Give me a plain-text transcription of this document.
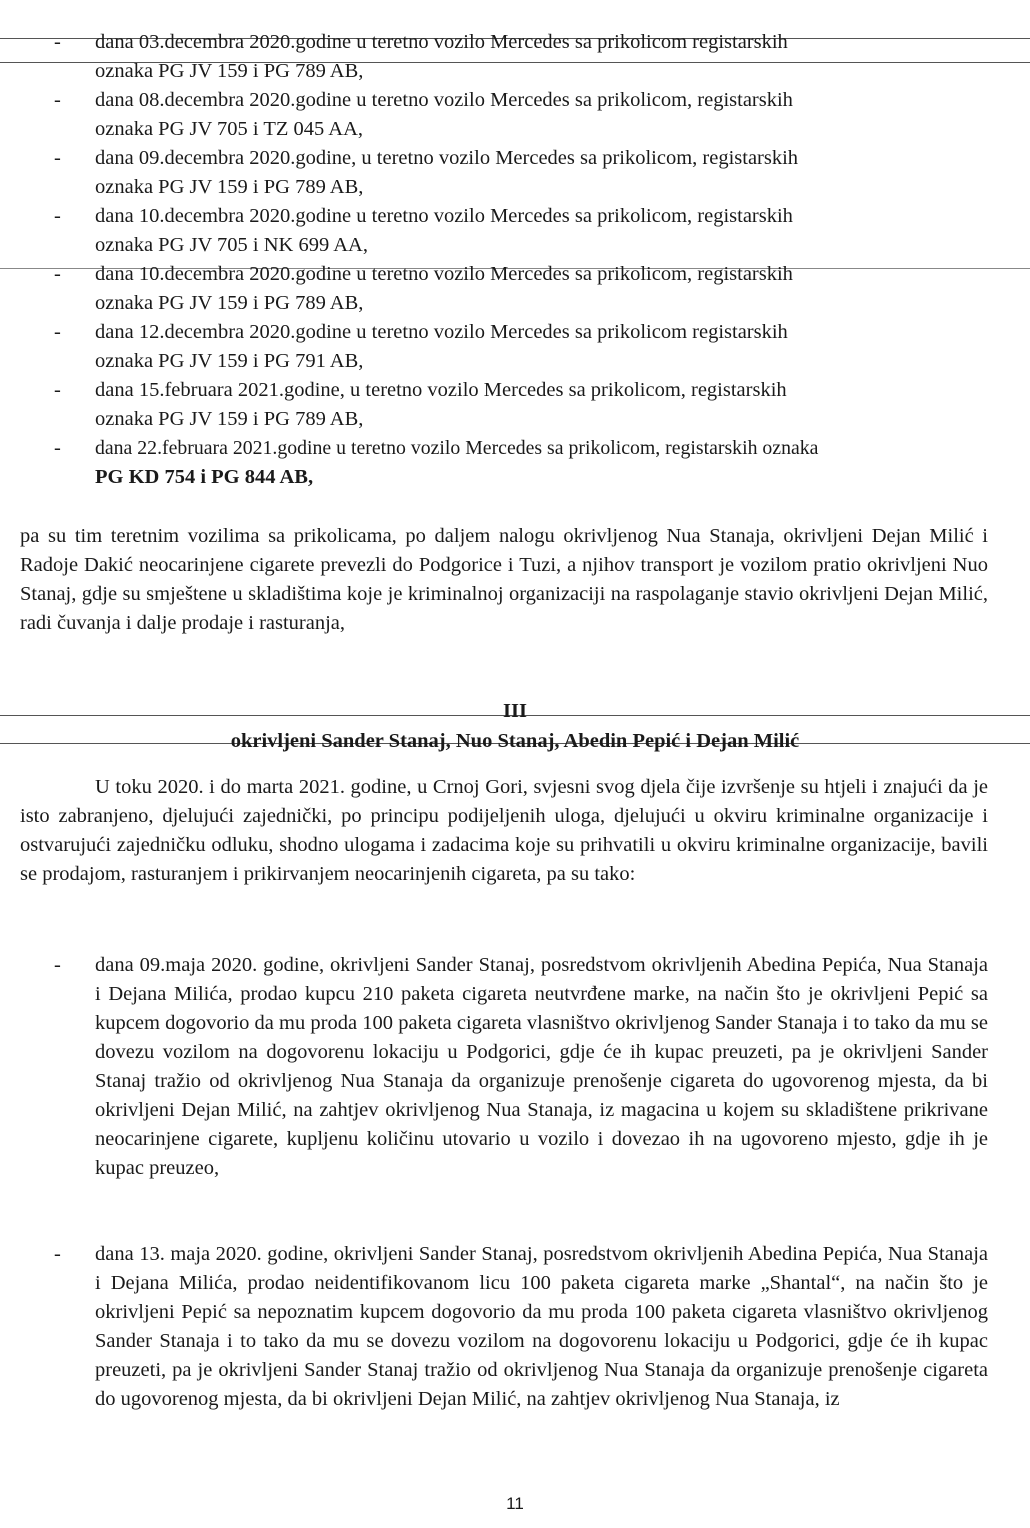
- dana 03.decembra 2020.godine u teretno vozilo Mercedes sa prikolicom registarskih
oznaka PG JV 159 i PG 789 AB,
- dana 08.decembra 2020.godine u teretno vozilo Mercedes sa prikolicom, registarskih
oznaka PG JV 705 i TZ 045 AA,
- dana 09.decembra 2020.godine, u teretno vozilo Mercedes sa prikolicom, registarskih
oznaka PG JV 159 i PG 789 AB,
- dana 10.decembra 2020.godine u teretno vozilo Mercedes sa prikolicom, registarskih
oznaka PG JV 705 i NK 699 AA,
- dana 10.decembra 2020.godine u teretno vozilo Mercedes sa prikolicom, registarskih
oznaka PG JV 159 i PG 789 AB,
- dana 12.decembra 2020.godine u teretno vozilo Mercedes sa prikolicom registarskih
oznaka PG JV 159 i PG 791 AB,
- dana 15.februara 2021.godine, u teretno vozilo Mercedes sa prikolicom, registarskih
oznaka PG JV 159 i PG 789 AB,
- dana 22.februara 2021.godine u teretno vozilo Mercedes sa prikolicom, registarskih oznaka
PG KD 754 i PG 844 AB,
pa su tim teretnim vozilima sa prikolicama, po daljem nalogu okrivljenog Nua Stanaja, okrivljeni Dejan Milić i Radoje Dakić neocarinjene cigarete prevezli do Podgorice i Tuzi, a njihov transport je vozilom pratio okrivljeni Nuo Stanaj, gdje su smještene u skladištima koje je kriminalnoj organizaciji na raspolaganje stavio okrivljeni Dejan Milić, radi čuvanja i dalje prodaje i rasturanja,
III
okrivljeni Sander Stanaj, Nuo Stanaj, Abedin Pepić i Dejan Milić
U toku 2020. i do marta 2021. godine, u Crnoj Gori, svjesni svog djela čije izvršenje su htjeli i znajući da je isto zabranjeno, djelujući zajednički, po principu podijeljenih uloga, djelujući u okviru kriminalne organizacije i ostvarujući zajedničku odluku, shodno ulogama i zadacima koje su prihvatili u okviru kriminalne organizacije, bavili se prodajom, rasturanjem i prikirvanjem neocarinjenih cigareta, pa su tako:
- dana 09.maja 2020. godine, okrivljeni Sander Stanaj, posredstvom okrivljenih Abedina Pepića, Nua Stanaja i Dejana Milića, prodao kupcu 210 paketa cigareta neutvrđene marke, na način što je okrivljeni Pepić sa kupcem dogovorio da mu proda 100 paketa cigareta vlasništvo okrivljenog Sander Stanaja i to tako da mu se dovezu vozilom na dogovorenu lokaciju u Podgorici, gdje će ih kupac preuzeti, pa je okrivljeni Sander Stanaj tražio od okrivljenog Nua Stanaja da organizuje prenošenje cigareta do ugovorenog mjesta, da bi okrivljeni Dejan Milić, na zahtjev okrivljenog Nua Stanaja, iz magacina u kojem su skladištene prikrivane neocarinjene cigarete, kupljenu količinu utovario u vozilo i dovezao ih na ugovoreno mjesto, gdje ih je kupac preuzeo,
- dana 13. maja 2020. godine, okrivljeni Sander Stanaj, posredstvom okrivljenih Abedina Pepića, Nua Stanaja i Dejana Milića, prodao neidentifikovanom licu 100 paketa cigareta marke „Shantal“, na način što je okrivljeni Pepić sa nepoznatim kupcem dogovorio da mu proda 100 paketa cigareta vlasništvo okrivljenog Sander Stanaja i to tako da mu se dovezu vozilom na dogovorenu lokaciju u Podgorici, gdje će ih kupac preuzeti, pa je okrivljeni Sander Stanaj tražio od okrivljenog Nua Stanaja da organizuje prenošenje cigareta do ugovorenog mjesta, da bi okrivljeni Dejan Milić, na zahtjev okrivljenog Nua Stanaja, iz
11
